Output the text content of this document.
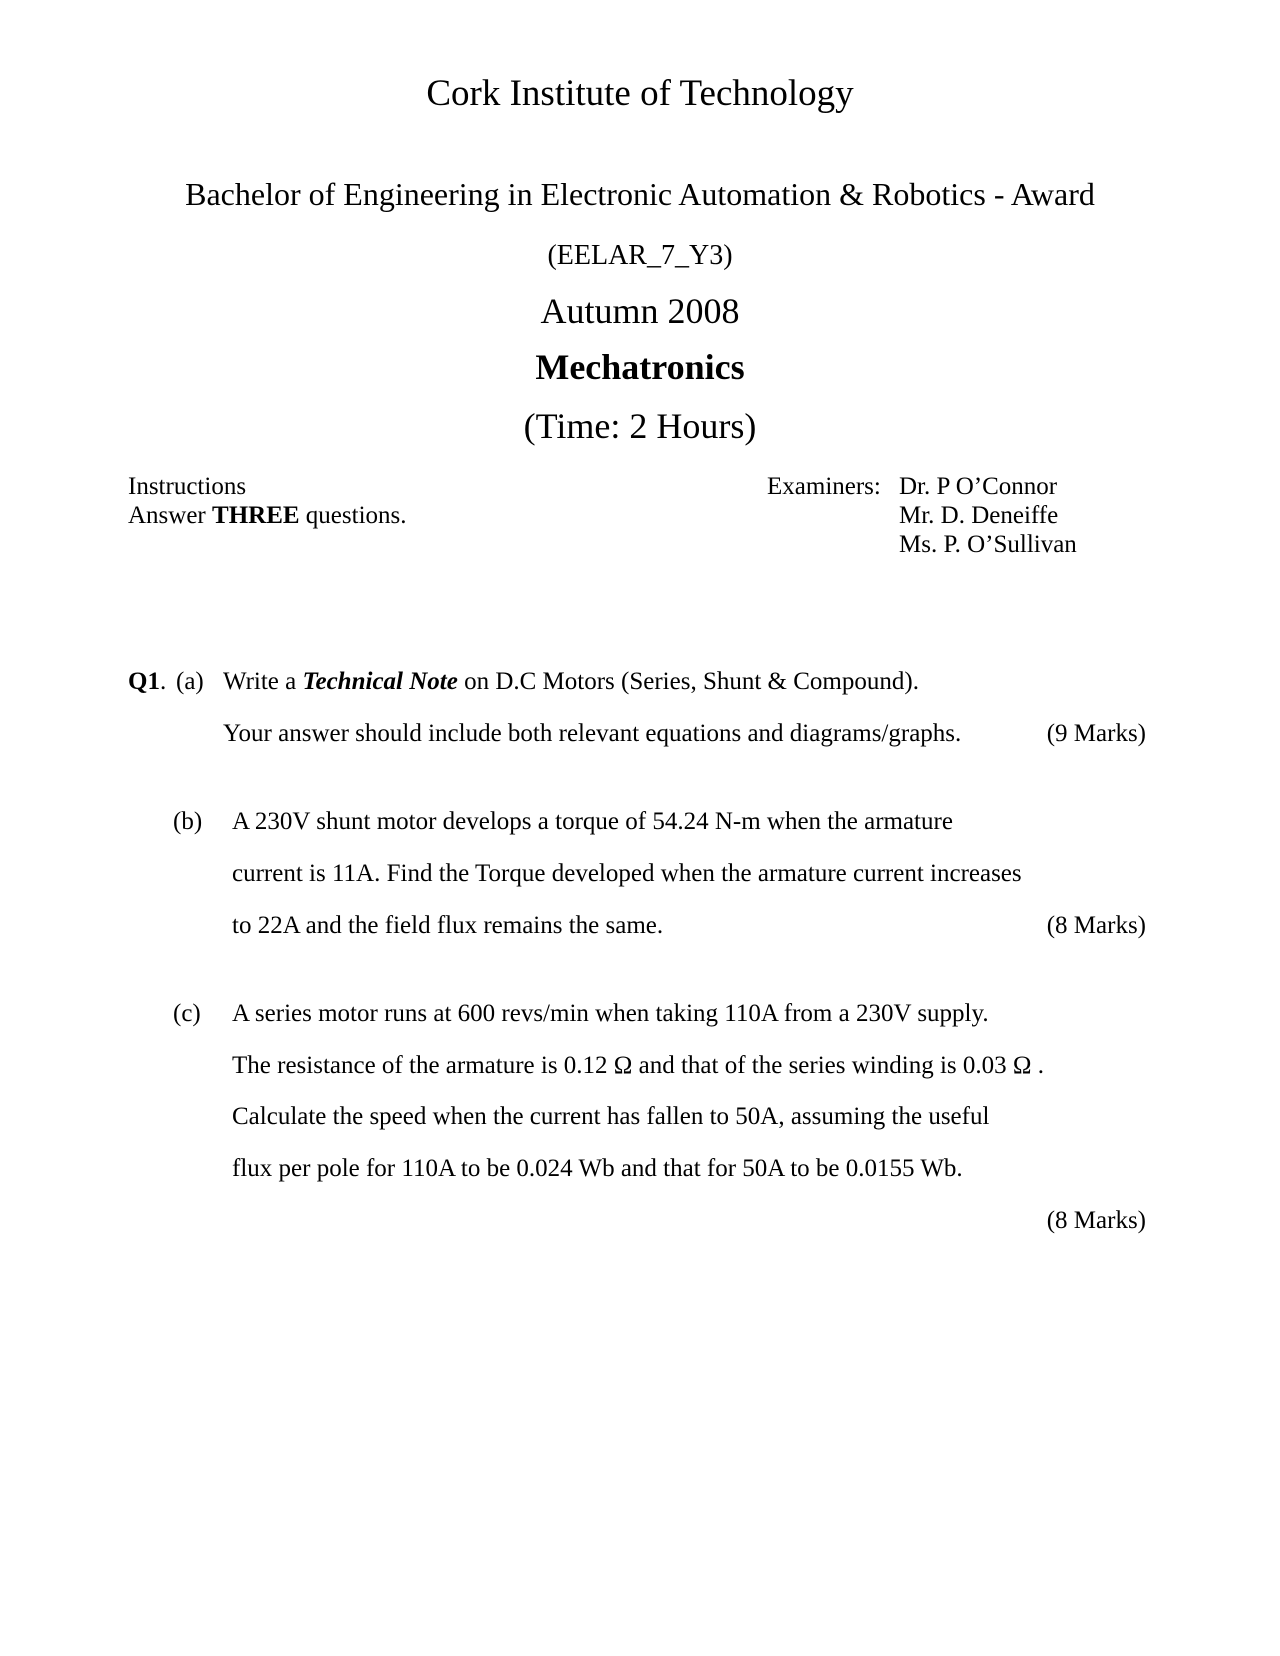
Cork Institute of Technology
Bachelor of Engineering in Electronic Automation & Robotics - Award
(EELAR_7_Y3)
Autumn 2008
Mechatronics
(Time: 2 Hours)
Instructions
Answer THREE questions.
Examiners: Dr. P O’Connor
Mr. D. Deneiffe
Ms. P. O’Sullivan
Q1. (a) Write a Technical Note on D.C Motors (Series, Shunt & Compound).
Your answer should include both relevant equations and diagrams/graphs.	(9 Marks)
(b) A 230V shunt motor develops a torque of 54.24 N-m when the armature
current is 11A. Find the Torque developed when the armature current increases
to 22A and the field flux remains the same.	(8 Marks)
(c) A series motor runs at 600 revs/min when taking 110A from a 230V supply.
The resistance of the armature is 0.12 Ω and that of the series winding is 0.03 Ω .
Calculate the speed when the current has fallen to 50A, assuming the useful
flux per pole for 110A to be 0.024 Wb and that for 50A to be 0.0155 Wb.
(8 Marks)
